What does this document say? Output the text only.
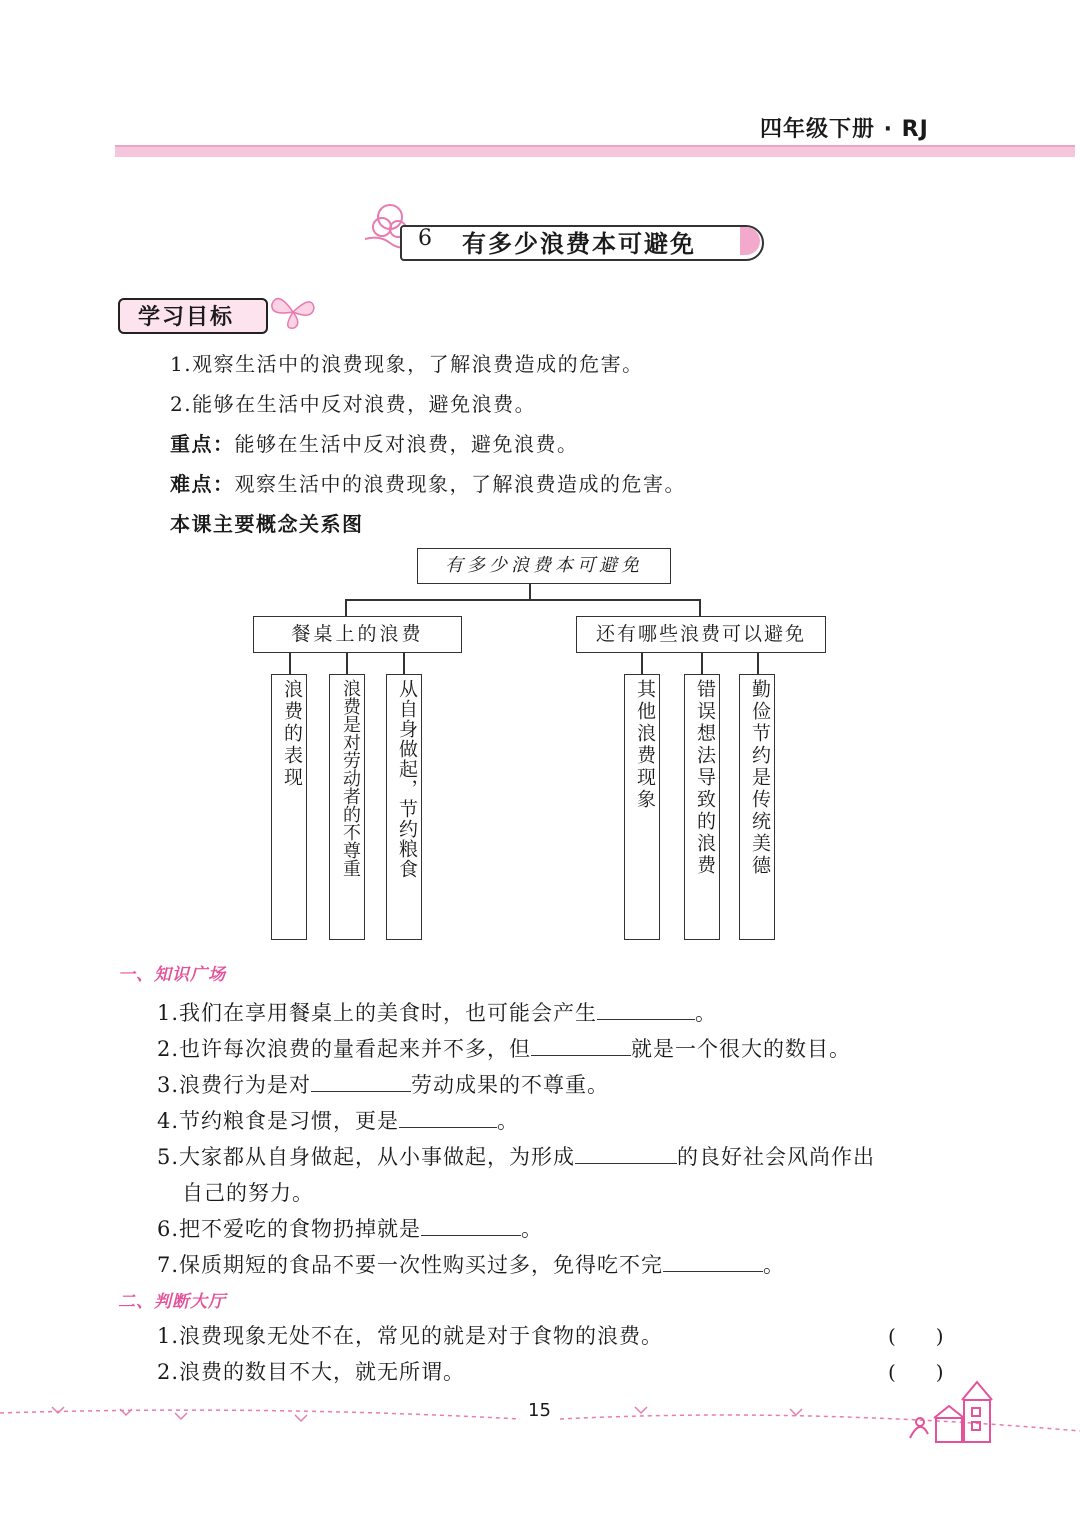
四年级下册 · RJ
6 有多少浪费本可避免
学习目标
1.观察生活中的浪费现象，了解浪费造成的危害。
2.能够在生活中反对浪费，避免浪费。
重点：能够在生活中反对浪费，避免浪费。
难点：观察生活中的浪费现象，了解浪费造成的危害。
本课主要概念关系图
有多少浪费本可避免
餐桌上的浪费	还有哪些浪费可以避免
浪费的表现	浪费是对劳动者的不尊重	从自身做起，节约粮食	其他浪费现象	错误想法导致的浪费	勤俭节约是传统美德
一、知识广场
1.我们在享用餐桌上的美食时，也可能会产生	。
2.也许每次浪费的量看起来并不多，但	就是一个很大的数目。
3.浪费行为是对	劳动成果的不尊重。
4.节约粮食是习惯，更是	。
5.大家都从自身做起，从小事做起，为形成	的良好社会风尚作出
自己的努力。
6.把不爱吃的食物扔掉就是	。
7.保质期短的食品不要一次性购买过多，免得吃不完	。
二、判断大厅
1.浪费现象无处不在，常见的就是对于食物的浪费。	(　　)
2.浪费的数目不大，就无所谓。	(　　)
15
